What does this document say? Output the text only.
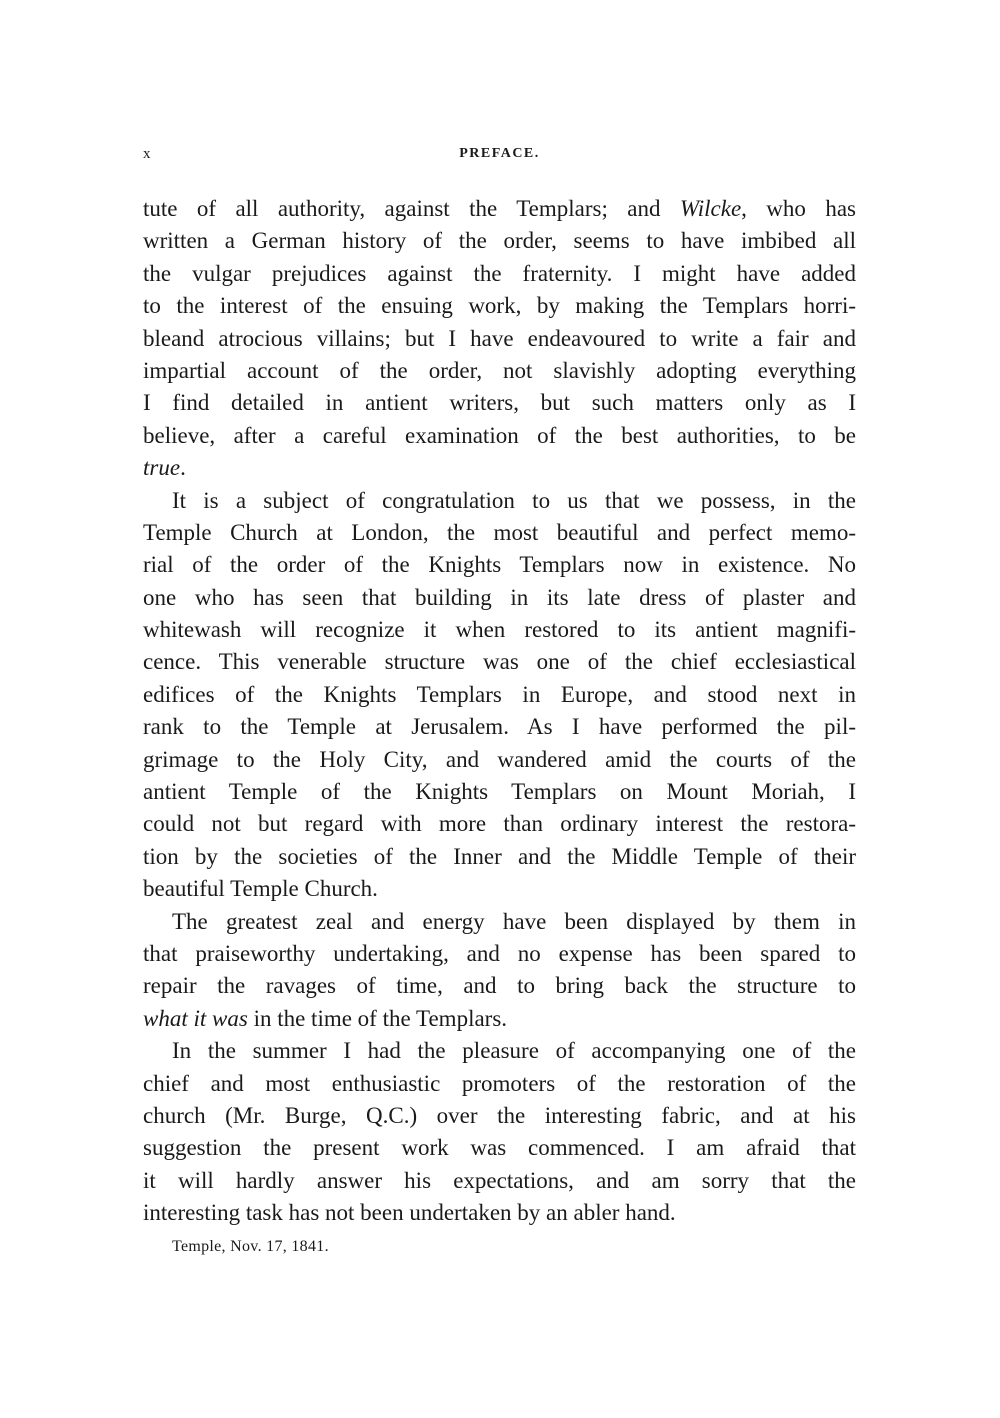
x	PREFACE.
tute of all authority, against the Templars; and Wilcke, who has
written a German history of the order, seems to have imbibed all
the vulgar prejudices against the fraternity. I might have added
to the interest of the ensuing work, by making the Templars horri-
bleand atrocious villains; but I have endeavoured to write a fair and
impartial account of the order, not slavishly adopting everything
I find detailed in antient writers, but such matters only as I
believe, after a careful examination of the best authorities, to be
true.
It is a subject of congratulation to us that we possess, in the
Temple Church at London, the most beautiful and perfect memo-
rial of the order of the Knights Templars now in existence. No
one who has seen that building in its late dress of plaster and
whitewash will recognize it when restored to its antient magnifi-
cence. This venerable structure was one of the chief ecclesiastical
edifices of the Knights Templars in Europe, and stood next in
rank to the Temple at Jerusalem. As I have performed the pil-
grimage to the Holy City, and wandered amid the courts of the
antient Temple of the Knights Templars on Mount Moriah, I
could not but regard with more than ordinary interest the restora-
tion by the societies of the Inner and the Middle Temple of their
beautiful Temple Church.
The greatest zeal and energy have been displayed by them in
that praiseworthy undertaking, and no expense has been spared to
repair the ravages of time, and to bring back the structure to
what it was in the time of the Templars.
In the summer I had the pleasure of accompanying one of the
chief and most enthusiastic promoters of the restoration of the
church (Mr. Burge, Q.C.) over the interesting fabric, and at his
suggestion the present work was commenced. I am afraid that
it will hardly answer his expectations, and am sorry that the
interesting task has not been undertaken by an abler hand.
Temple, Nov. 17, 1841.
